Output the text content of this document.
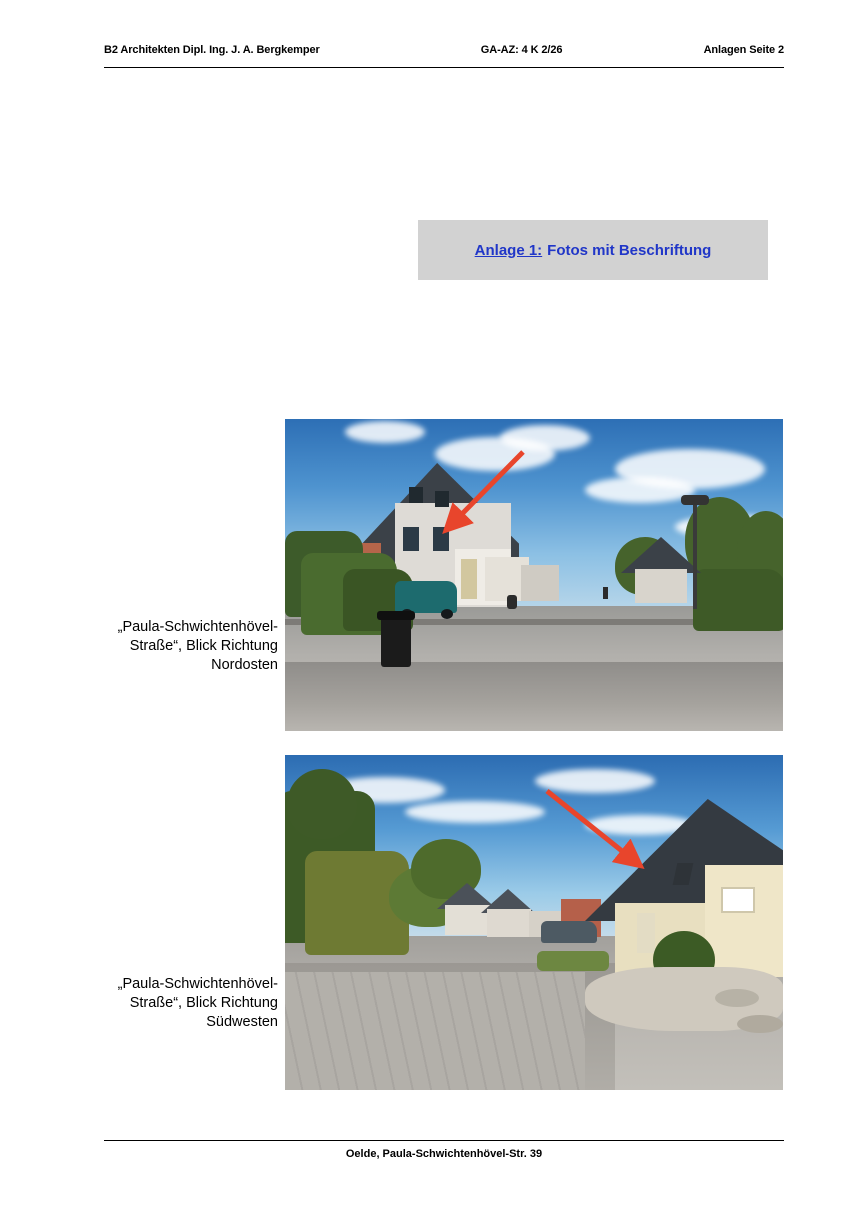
B2 Architekten Dipl. Ing. J. A. Bergkemper	GA-AZ: 4 K 2/26	Anlagen Seite 2
Anlage 1: Fotos mit Beschriftung
„Paula-Schwichtenhövel-Straße“, Blick Richtung Nordosten
„Paula-Schwichtenhövel-Straße“, Blick Richtung Südwesten
Oelde, Paula-Schwichtenhövel-Str. 39
